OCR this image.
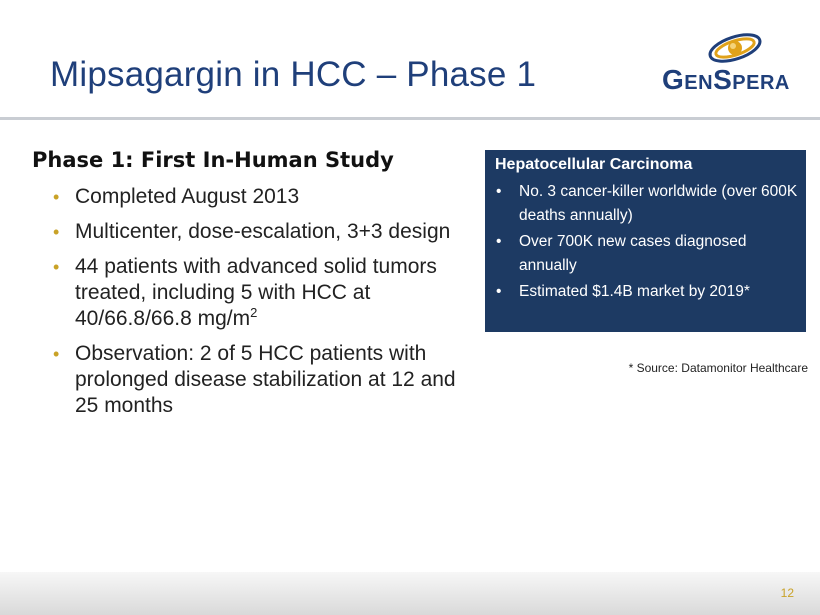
Mipsagargin in HCC – Phase 1	GENSPERA
Phase 1: First In-Human Study
• Completed August 2013
• Multicenter, dose-escalation, 3+3 design
• 44 patients with advanced solid tumors treated, including 5 with HCC at 40/66.8/66.8 $mg/m^2$
• Observation: 2 of 5 HCC patients with prolonged disease stabilization at 12 and 25 months
Hepatocellular Carcinoma
• No. 3 cancer-killer worldwide (over 600K deaths annually)
• Over 700K new cases diagnosed annually
• Estimated $1.4B market by 2019*
* Source: Datamonitor Healthcare
12
